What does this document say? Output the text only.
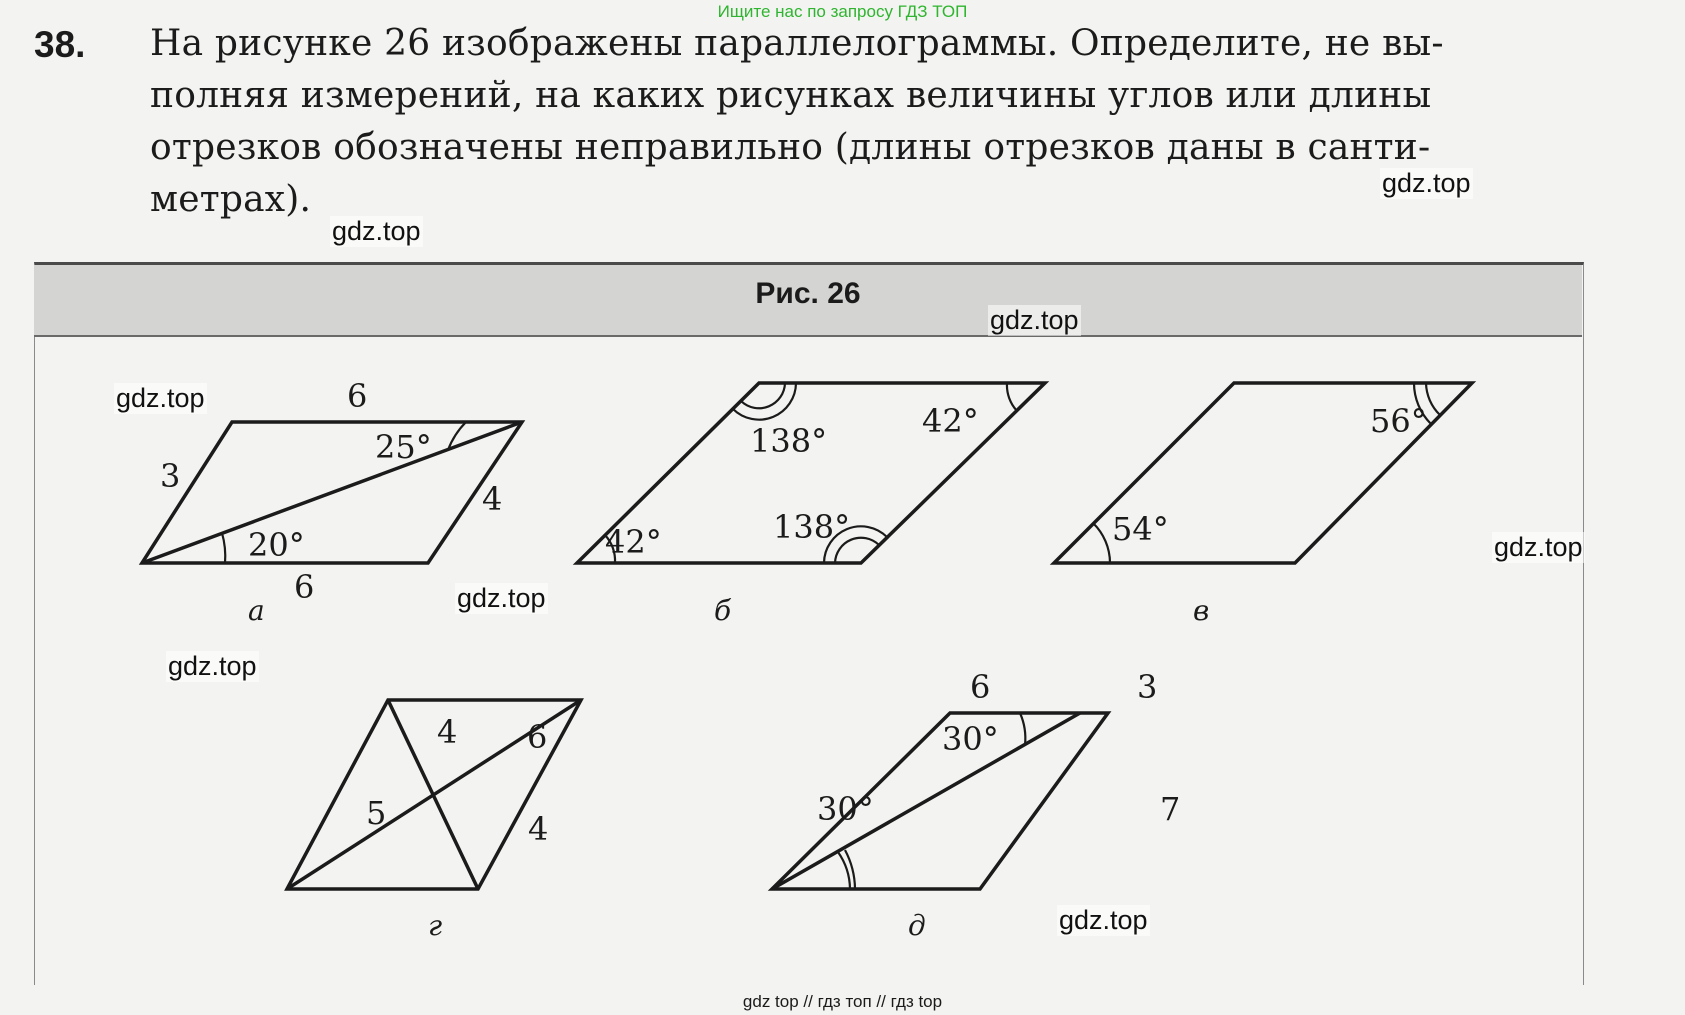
Ищите нас по запросу ГДЗ ТОП
38. На рисунке 26 изображены параллелограммы. Определите, не вы-
полняя измерений, на каких рисунках величины углов или длины
отрезков обозначены неправильно (длины отрезков даны в санти-
метрах).
Рис. 26
6
25°
3
4
20°
6
а
138°
42°
138°
42°
б
56°
54°
в
4 6
5	4
г
6	3
30°
30°	7
д
gdz.top
gdz.top
gdz.top
gdz.top
gdz.top
gdz.top
gdz.top
gdz.top
gdz top // гдз топ // гдз top
